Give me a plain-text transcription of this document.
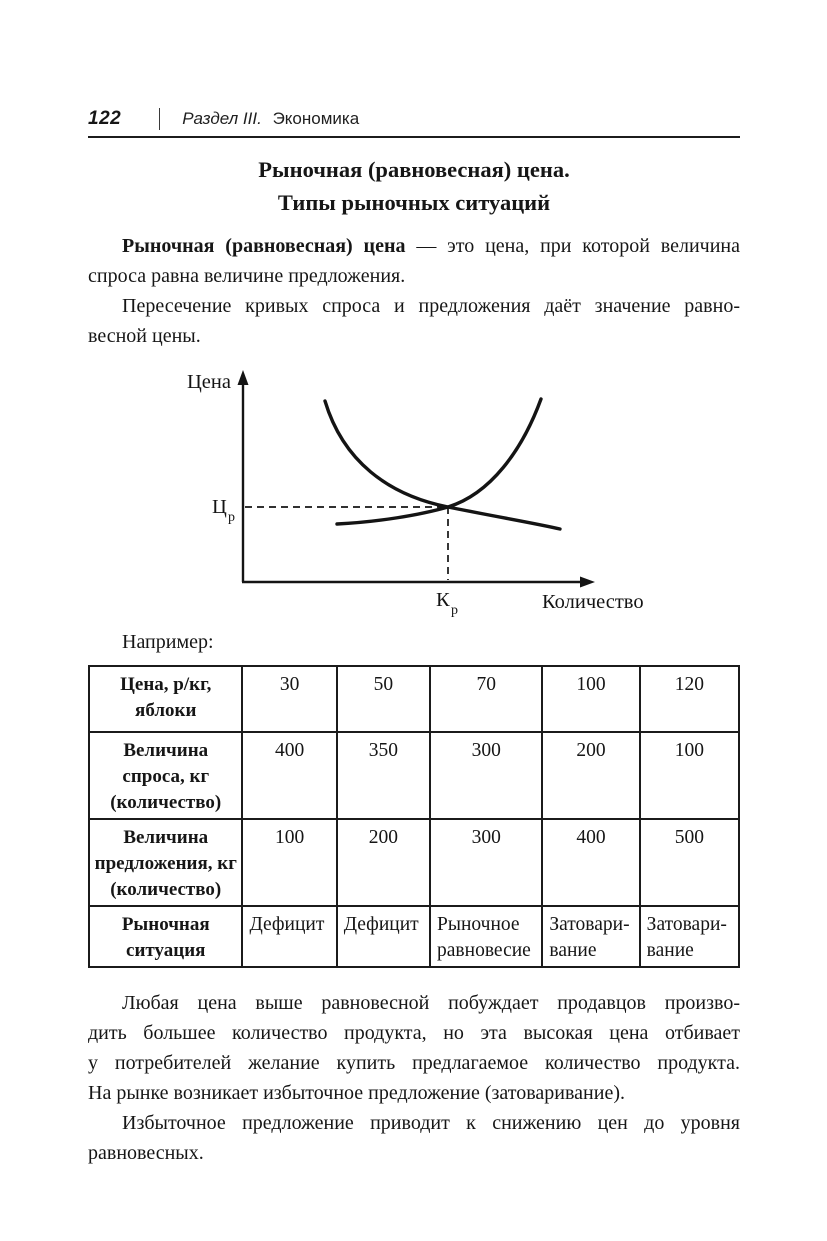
122	Раздел III. Экономика
Рыночная (равновесная) цена.
Типы рыночных ситуаций
Рыночная (равновесная) цена — это цена, при которой величина
спроса равна величине предложения.
Пересечение кривых спроса и предложения даёт значение равно-
весной цены.
Цена
Количество
Ц р
К р
Например:
Цена, р/кг, яблоки	30	50	70	100	120
Величина спроса, кг (количество)	400	350	300	200	100
Величина предложения, кг (количество)	100	200	300	400	500
Рыночная ситуация	Дефицит	Дефицит	Рыночное равновесие	Затовари-вание	Затовари-вание
Любая цена выше равновесной побуждает продавцов произво-
дить большее количество продукта, но эта высокая цена отбивает
у потребителей желание купить предлагаемое количество продукта.
На рынке возникает избыточное предложение (затоваривание).
Избыточное предложение приводит к снижению цен до уровня
равновесных.
